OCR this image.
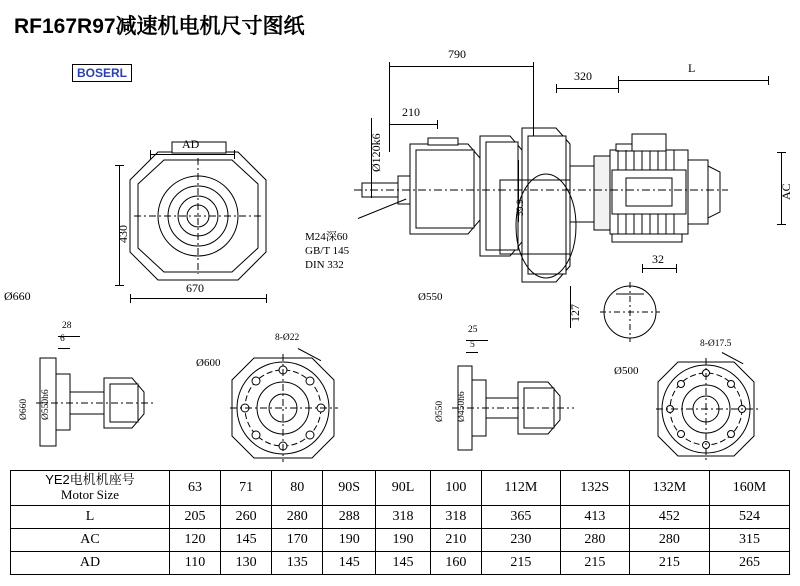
RF167R97减速机电机尺寸图纸
BOSERL
AD
430
670
790
320
L
210
Ø120k6
59.9
AC
M24深60
GB/T 145
DIN 332
Ø550
32
127
Ø660
28
6
Ø660 Ø550h6
Ø600
8-Ø22
25
5
Ø550 Ø450h6
Ø500
8-Ø17.5
YE2电机机座号
Motor Size	63	71	80	90S	90L	100	112M	132S	132M	160M
L	205	260	280	288	318	318	365	413	452	524
AC	120	145	170	190	190	210	230	280	280	315
AD	110	130	135	145	145	160	215	215	215	265
